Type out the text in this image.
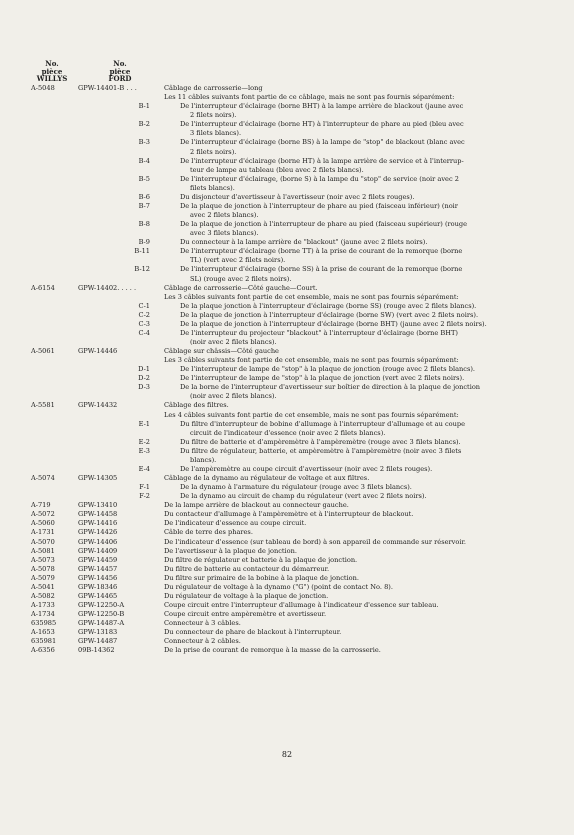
No.
pièce
WILLYS
No.
pièce
FORD
A-5048	GPW-14401-B . . .	Câblage de carrosserie—long
Les 11 câbles suivants font partie de ce câblage, mais ne sont pas fournis séparément:
B-1	De l'interrupteur d'éclairage (borne BHT) à la lampe arrière de blackout (jaune avec
2 filets noirs).
B-2	De l'interrupteur d'éclairage (borne HT) à l'interrupteur de phare au pied (bleu avec
3 filets blancs).
B-3	De l'interrupteur d'éclairage (borne BS) à la lampe de "stop" de blackout (blanc avec
2 filets noirs).
B-4	De l'interrupteur d'éclairage (borne HT) à la lampe arrière de service et à l'interrup-
teur de lampe au tableau (bleu avec 2 filets blancs).
B-5	De l'interrupteur d'éclairage, (borne S) à la lampe du "stop" de service (noir avec 2
filets blancs).
B-6	Du disjoncteur d'avertisseur à l'avertisseur (noir avec 2 filets rouges).
B-7	De la plaque de jonction à l'interrupteur de phare au pied (faisceau inférieur) (noir
avec 2 filets blancs).
B-8	De la plaque de jonction à l'interrupteur de phare au pied (faisceau supérieur) (rouge
avec 3 filets blancs).
B-9	Du connecteur à la lampe arrière de "blackout" (jaune avec 2 filets noirs).
B-11	De l'interrupteur d'éclairage (borne TT) à la prise de courant de la remorque (borne
TL) (vert avec 2 filets noirs).
B-12	De l'interrupteur d'éclairage (borne SS) à la prise de courant de la remorque (borne
SL) (rouge avec 2 filets noirs).
A-6154	GPW-14402. . . . .	Câblage de carrosserie—Côté gauche—Court.
Les 3 câbles suivants font partie de cet ensemble, mais ne sont pas fournis séparément:
C-1	De la plaque jonction à l'interrupteur d'éclairage (borne SS) (rouge avec 2 filets blancs).
C-2	De la plaque de jonction à l'interrupteur d'éclairage (borne SW) (vert avec 2 filets noirs).
C-3	De la plaque de jonction à l'interrupteur d'éclairage (borne BHT) (jaune avec 2 filets noirs).
C-4	De l'interrupteur du projecteur "blackout" à l'interrupteur d'éclairage (borne BHT)
(noir avec 2 filets blancs).
A-5061	GPW-14446	Câblage sur châssis—Côté gauche
Les 3 câbles suivants font partie de cet ensemble, mais ne sont pas fournis séparément:
D-1	De l'interrupteur de lampe de "stop" à la plaque de jonction (rouge avec 2 filets blancs).
D-2	De l'interrupteur de lampe de "stop" à la plaque de jonction (vert avec 2 filets noirs).
D-3	De la borne de l'interrupteur d'avertisseur sur boîtier de direction à la plaque de jonction
(noir avec 2 filets blancs).
A-5581	GPW-14432	Câblage des filtres.
Les 4 câbles suivants font partie de cet ensemble, mais ne sont pas fournis séparément:
E-1	Du filtre d'interrupteur de bobine d'allumage à l'interrupteur d'allumage et au coupe
circuit de l'indicateur d'essence (noir avec 2 filets blancs).
E-2	Du filtre de batterie et d'ampèremètre à l'ampèremètre (rouge avec 3 filets blancs).
E-3	Du filtre de régulateur, batterie, et ampèremètre à l'ampèremètre (noir avec 3 filets
blancs).
E-4	De l'ampèremètre au coupe circuit d'avertisseur (noir avec 2 filets rouges).
A-5074	GPW-14305	Câblage de la dynamo au régulateur de voltage et aux filtres.
F-1	De la dynamo à l'armature du régulateur (rouge avec 3 filets blancs).
F-2	De la dynamo au circuit de champ du régulateur (vert avec 2 filets noirs).
A-719	GPW-13410	De la lampe arrière de blackout au connecteur gauche.
A-5072	GPW-14458	Du contacteur d'allumage à l'ampèremètre et à l'interrupteur de blackout.
A-5060	GPW-14416	De l'indicateur d'essence au coupe circuit.
A-1731	GPW-14426	Câble de terre des phares.
A-5070	GPW-14406	De l'indicateur d'essence (sur tableau de bord) à son appareil de commande sur réservoir.
A-5081	GPW-14409	De l'avertisseur à la plaque de jonction.
A-5073	GPW-14459	Du filtre de régulateur et batterie à la plaque de jonction.
A-5078	GPW-14457	Du filtre de batterie au contacteur du démarreur.
A-5079	GPW-14456	Du filtre sur primaire de la bobine à la plaque de jonction.
A-5041	GPW-18346	Du régulateur de voltage à la dynamo ("G") (point de contact No. 8).
A-5082	GPW-14465	Du régulateur de voltage à la plaque de jonction.
A-1733	GPW-12250-A	Coupe circuit entre l'interrupteur d'allumage à l'indicateur d'essence sur tableau.
A-1734	GPW-12250-B	Coupe circuit entre ampèremètre et avertisseur.
635985	GPW-14487-A	Connecteur à 3 câbles.
A-1653	GPW-13183	Du connecteur de phare de blackout à l'interrupteur.
635981	GPW-14487	Connecteur à 2 câbles.
A-6356	09B-14362	De la prise de courant de remorque à la masse de la carrosserie.
82
